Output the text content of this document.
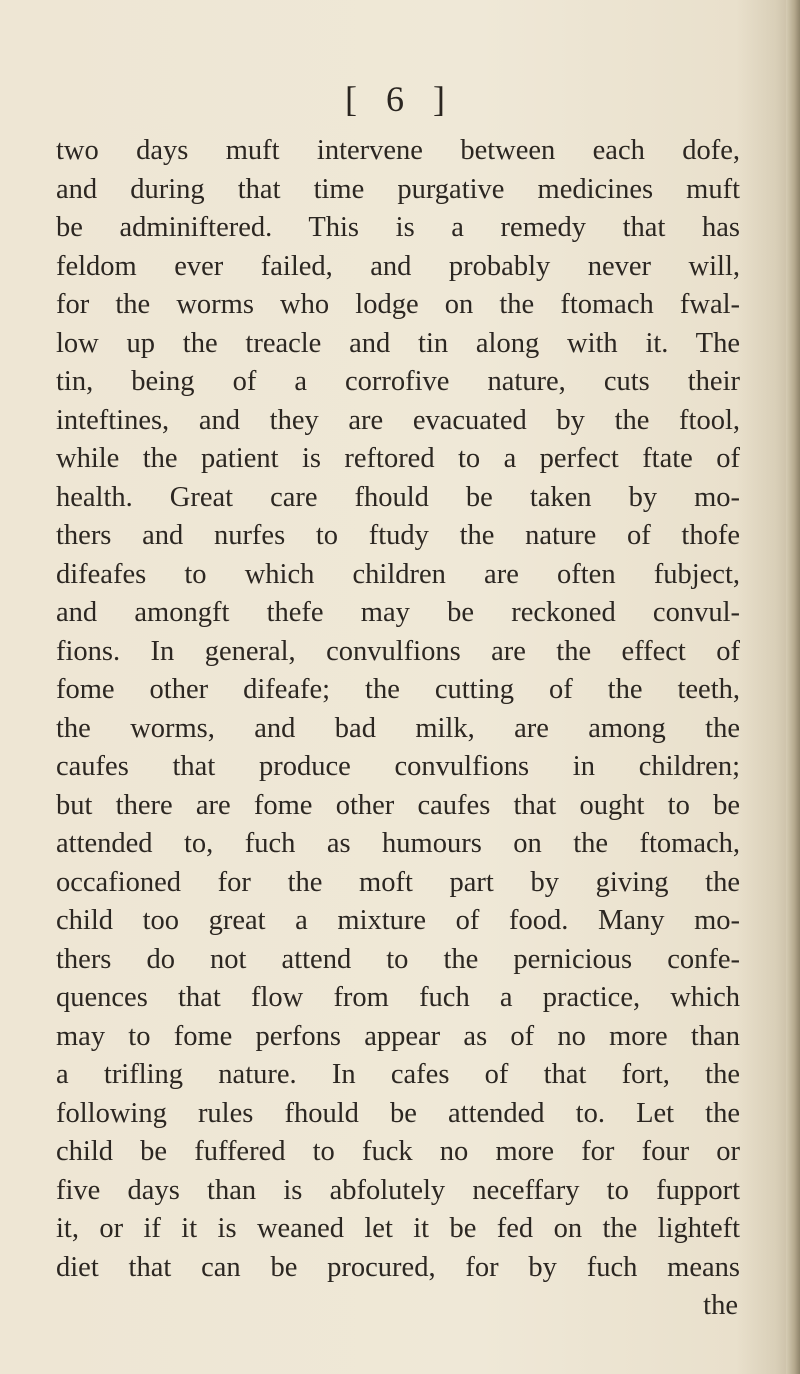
[ 6 ]
two days muft intervene between each dofe,
and during that time purgative medicines muft
be adminiftered. This is a remedy that has
feldom ever failed, and probably never will,
for the worms who lodge on the ftomach fwal-
low up the treacle and tin along with it. The
tin, being of a corrofive nature, cuts their
inteftines, and they are evacuated by the ftool,
while the patient is reftored to a perfect ftate of
health. Great care fhould be taken by mo-
thers and nurfes to ftudy the nature of thofe
difeafes to which children are often fubject,
and amongft thefe may be reckoned convul-
fions. In general, convulfions are the effect of
fome other difeafe; the cutting of the teeth,
the worms, and bad milk, are among the
caufes that produce convulfions in children;
but there are fome other caufes that ought to be
attended to, fuch as humours on the ftomach,
occafioned for the moft part by giving the
child too great a mixture of food. Many mo-
thers do not attend to the pernicious confe-
quences that flow from fuch a practice, which
may to fome perfons appear as of no more than
a trifling nature. In cafes of that fort, the
following rules fhould be attended to. Let the
child be fuffered to fuck no more for four or
five days than is abfolutely neceffary to fupport
it, or if it is weaned let it be fed on the lighteft
diet that can be procured, for by fuch means
the
